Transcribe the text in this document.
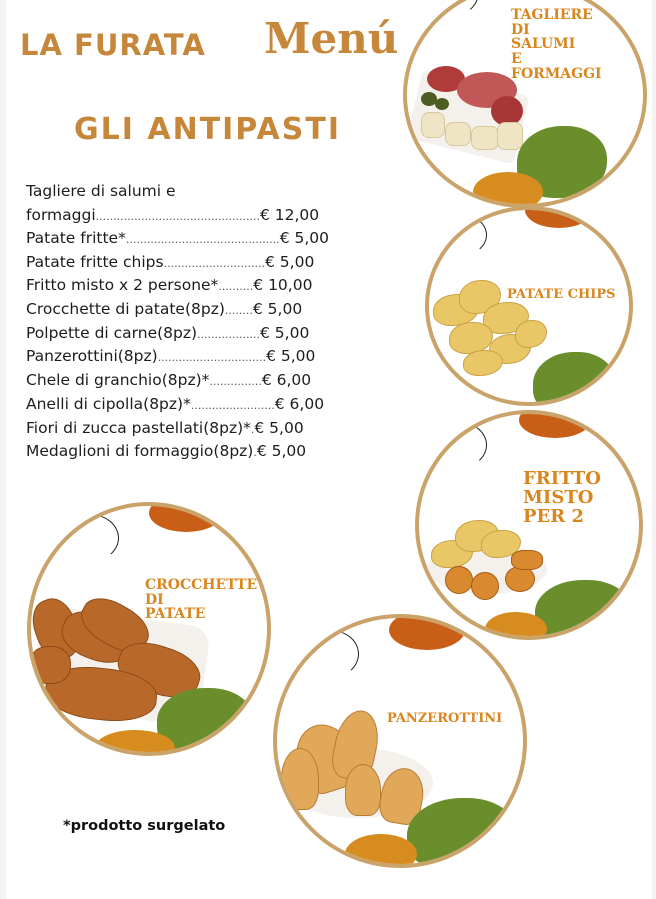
LA FURATA Menú
GLI ANTIPASTI
Tagliere di salumi e
formaggi...............................................€ 12,00
Patate fritte*............................................€ 5,00
Patate fritte chips.............................€ 5,00
Fritto misto x 2 persone*..........€ 10,00
Crocchette di patate(8pz)........€ 5,00
Polpette di carne(8pz)..................€ 5,00
Panzerottini(8pz)...............................€ 5,00
Chele di granchio(8pz)*...............€ 6,00
Anelli di cipolla(8pz)*........................€ 6,00
Fiori di zucca pastellati(8pz)*.€ 5,00
Medaglioni di formaggio(8pz).€ 5,00
TAGLIERE
DI
SALUMI
E
FORMAGGI
PATATE CHIPS
FRITTO
MISTO
PER 2
CROCCHETTE
DI
PATATE
PANZEROTTINI
*prodotto surgelato
